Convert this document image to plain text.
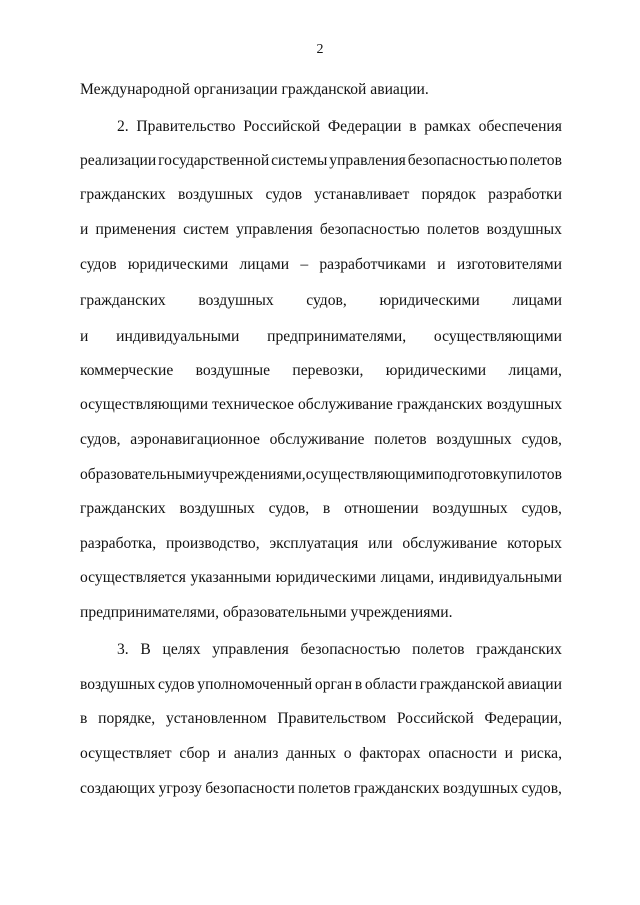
2
Международной организации гражданской авиации.
2. Правительство Российской Федерации в рамках обеспечения
реализации государственной системы управления безопасностью полетов
гражданских воздушных судов устанавливает порядок разработки
и применения систем управления безопасностью полетов воздушных
судов юридическими лицами – разработчиками и изготовителями
гражданских воздушных судов, юридическими лицами
и индивидуальными предпринимателями, осуществляющими
коммерческие воздушные перевозки, юридическими лицами,
осуществляющими техническое обслуживание гражданских воздушных
судов, аэронавигационное обслуживание полетов воздушных судов,
образовательными учреждениями, осуществляющими подготовку пилотов
гражданских воздушных судов, в отношении воздушных судов,
разработка, производство, эксплуатация или обслуживание которых
осуществляется указанными юридическими лицами, индивидуальными
предпринимателями, образовательными учреждениями.
3. В целях управления безопасностью полетов гражданских
воздушных судов уполномоченный орган в области гражданской авиации
в порядке, установленном Правительством Российской Федерации,
осуществляет сбор и анализ данных о факторах опасности и риска,
создающих угрозу безопасности полетов гражданских воздушных судов,
